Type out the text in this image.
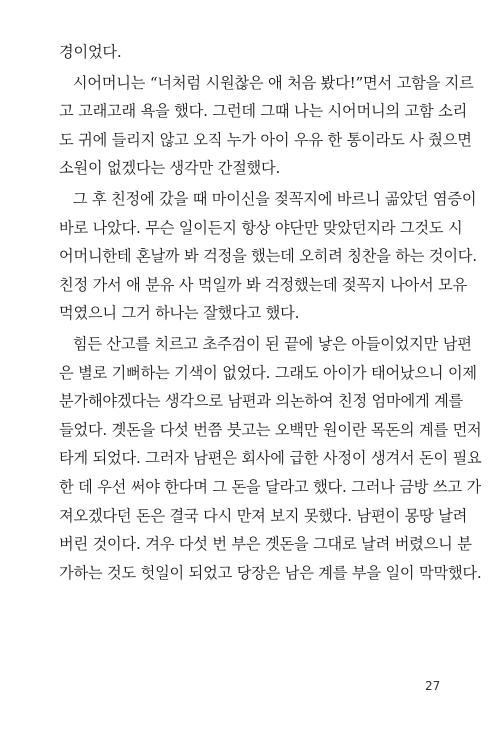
경이었다.
시어머니는 “너처럼 시원찮은 애 처음 봤다!”면서 고함을 지르
고 고래고래 욕을 했다. 그런데 그때 나는 시어머니의 고함 소리
도 귀에 들리지 않고 오직 누가 아이 우유 한 통이라도 사 줬으면
소원이 없겠다는 생각만 간절했다.
그 후 친정에 갔을 때 마이신을 젖꼭지에 바르니 곪았던 염증이
바로 나았다. 무슨 일이든지 항상 야단만 맞았던지라 그것도 시
어머니한테 혼날까 봐 걱정을 했는데 오히려 칭찬을 하는 것이다.
친정 가서 애 분유 사 먹일까 봐 걱정했는데 젖꼭지 나아서 모유
먹였으니 그거 하나는 잘했다고 했다.
힘든 산고를 치르고 초주검이 된 끝에 낳은 아들이었지만 남편
은 별로 기뻐하는 기색이 없었다. 그래도 아이가 태어났으니 이제
분가해야겠다는 생각으로 남편과 의논하여 친정 엄마에게 계를
들었다. 곗돈을 다섯 번쯤 붓고는 오백만 원이란 목돈의 계를 먼저
타게 되었다. 그러자 남편은 회사에 급한 사정이 생겨서 돈이 필요
한 데 우선 써야 한다며 그 돈을 달라고 했다. 그러나 금방 쓰고 가
져오겠다던 돈은 결국 다시 만져 보지 못했다. 남편이 몽땅 날려
버린 것이다. 겨우 다섯 번 부은 곗돈을 그대로 날려 버렸으니 분
가하는 것도 헛일이 되었고 당장은 남은 계를 부을 일이 막막했다.
27
